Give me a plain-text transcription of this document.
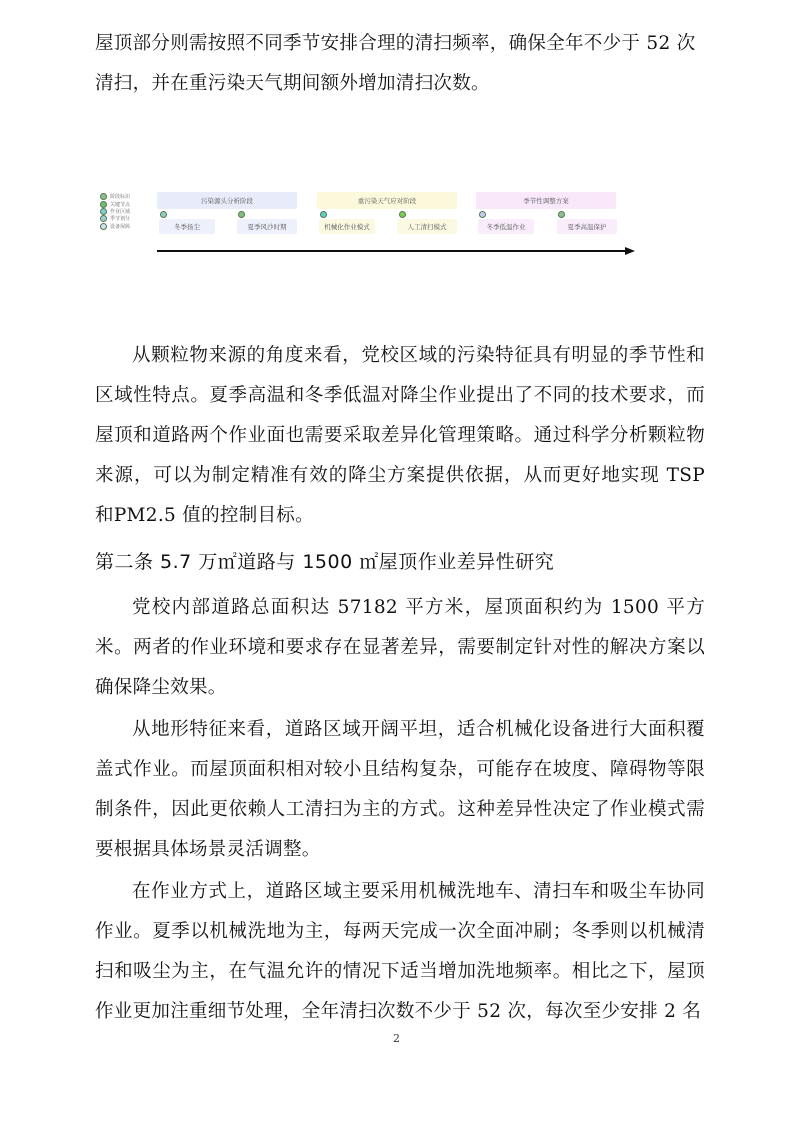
屋顶部分则需按照不同季节安排合理的清扫频率，确保全年不少于 52 次
清扫，并在重污染天气期间额外增加清扫次数。
阶段标识
关键节点
作业区域
季节划分
设备保障
污染源头分析阶段
冬季扬尘	夏季风沙时期
重污染天气应对阶段
机械化作业模式	人工清扫模式
季节性调整方案
冬季低温作业	夏季高温保护
从颗粒物来源的角度来看，党校区域的污染特征具有明显的季节性和区域性特点。夏季高温和冬季低温对降尘作业提出了不同的技术要求，而屋顶和道路两个作业面也需要采取差异化管理策略。通过科学分析颗粒物来源，可以为制定精准有效的降尘方案提供依据，从而更好地实现 TSP 和PM2.5 值的控制目标。
第二条 5.7 万㎡道路与 1500 ㎡屋顶作业差异性研究
党校内部道路总面积达 57182 平方米，屋顶面积约为 1500 平方米。两者的作业环境和要求存在显著差异，需要制定针对性的解决方案以确保降尘效果。
从地形特征来看，道路区域开阔平坦，适合机械化设备进行大面积覆盖式作业。而屋顶面积相对较小且结构复杂，可能存在坡度、障碍物等限制条件，因此更依赖人工清扫为主的方式。这种差异性决定了作业模式需要根据具体场景灵活调整。
在作业方式上，道路区域主要采用机械洗地车、清扫车和吸尘车协同作业。夏季以机械洗地为主，每两天完成一次全面冲刷；冬季则以机械清扫和吸尘为主，在气温允许的情况下适当增加洗地频率。相比之下，屋顶作业更加注重细节处理，全年清扫次数不少于 52 次，每次至少安排 2 名
2
